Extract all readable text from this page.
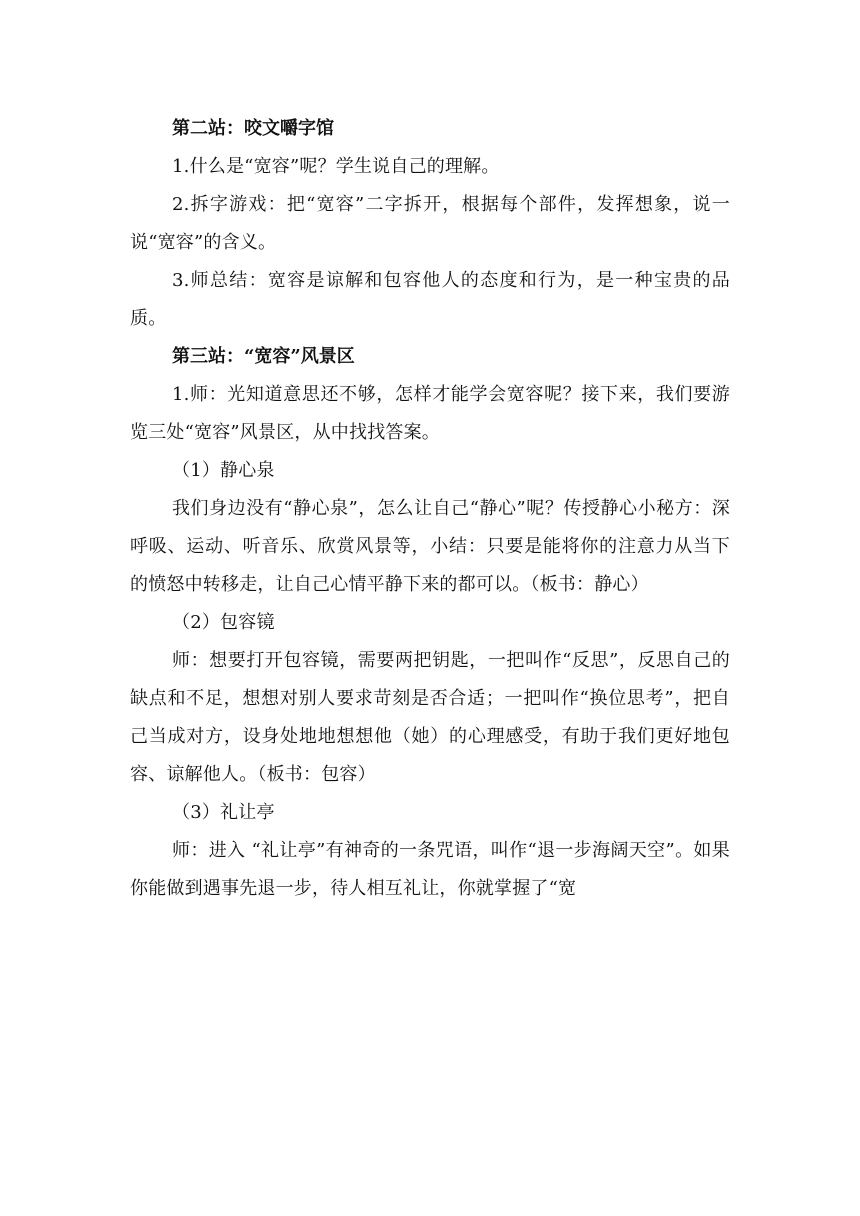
第二站：咬文嚼字馆

1.什么是“宽容”呢？学生说自己的理解。

2.拆字游戏：把“宽容”二字拆开，根据每个部件，发挥想象，说一说“宽容”的含义。

3.师总结：宽容是谅解和包容他人的态度和行为，是一种宝贵的品质。

第三站：“宽容”风景区

1.师：光知道意思还不够，怎样才能学会宽容呢？接下来，我们要游览三处“宽容”风景区，从中找找答案。

（1）静心泉

我们身边没有“静心泉”，怎么让自己“静心”呢？传授静心小秘方：深呼吸、运动、听音乐、欣赏风景等，小结：只要是能将你的注意力从当下的愤怒中转移走，让自己心情平静下来的都可以。（板书：静心）

（2）包容镜

师：想要打开包容镜，需要两把钥匙，一把叫作“反思”，反思自己的缺点和不足，想想对别人要求苛刻是否合适；一把叫作“换位思考”，把自己当成对方，设身处地地想想他（她）的心理感受，有助于我们更好地包容、谅解他人。（板书：包容）

（3）礼让亭

师：进入 “礼让亭”有神奇的一条咒语，叫作“退一步海阔天空”。如果你能做到遇事先退一步，待人相互礼让，你就掌握了“宽
